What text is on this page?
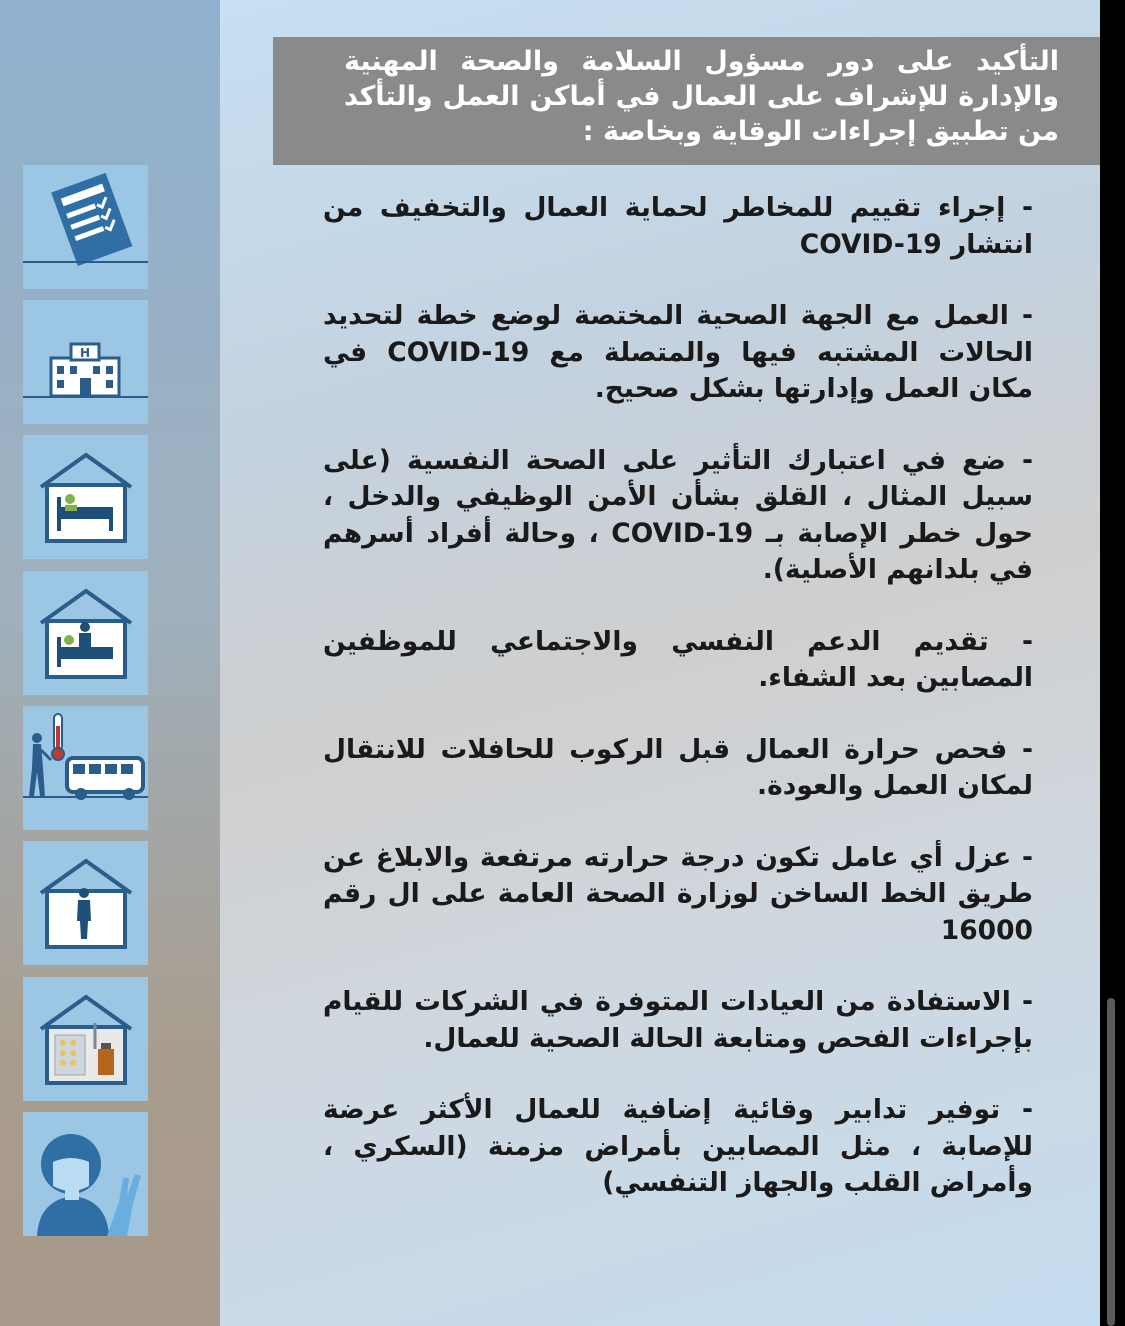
H
التأكيد على دور مسؤول السلامة والصحة المهنية والإدارة للإشراف على العمال في أماكن العمل والتأكد من تطبيق إجراءات الوقاية وبخاصة :

- إجراء تقييم للمخاطر لحماية العمال والتخفيف من انتشار COVID-19

- العمل مع الجهة الصحية المختصة لوضع خطة لتحديد الحالات المشتبه فيها والمتصلة مع COVID-19 في مكان العمل وإدارتها بشكل صحيح.

- ضع في اعتبارك التأثير على الصحة النفسية (على سبيل المثال ، القلق بشأن الأمن الوظيفي والدخل ، حول خطر الإصابة بـ COVID-19 ، وحالة أفراد أسرهم في بلدانهم الأصلية).

- تقديم الدعم النفسي والاجتماعي للموظفين المصابين بعد الشفاء.

- فحص حرارة العمال قبل الركوب للحافلات للانتقال لمكان العمل والعودة.

- عزل أي عامل تكون درجة حرارته مرتفعة والابلاغ عن طريق الخط الساخن لوزارة الصحة العامة على ال رقم 16000

- الاستفادة من العيادات المتوفرة في الشركات للقيام بإجراءات الفحص ومتابعة الحالة الصحية للعمال.

- توفير تدابير وقائية إضافية للعمال الأكثر عرضة للإصابة ، مثل المصابين بأمراض مزمنة (السكري ، وأمراض القلب والجهاز التنفسي)
